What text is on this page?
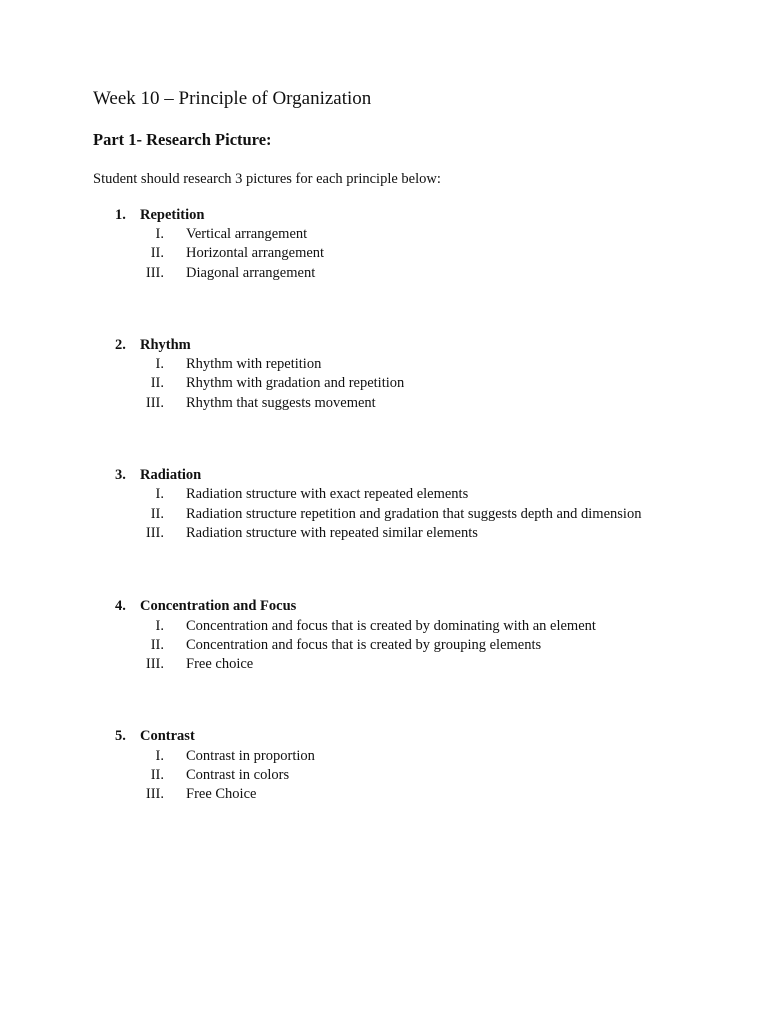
Week 10 – Principle of Organization
Part 1- Research Picture:
Student should research 3 pictures for each principle below:
1. Repetition
I. Vertical arrangement
II. Horizontal arrangement
III. Diagonal arrangement
2. Rhythm
I. Rhythm with repetition
II. Rhythm with gradation and repetition
III. Rhythm that suggests movement
3. Radiation
I. Radiation structure with exact repeated elements
II. Radiation structure repetition and gradation that suggests depth and dimension
III. Radiation structure with repeated similar elements
4. Concentration and Focus
I. Concentration and focus that is created by dominating with an element
II. Concentration and focus that is created by grouping elements
III. Free choice
5. Contrast
I. Contrast in proportion
II. Contrast in colors
III. Free Choice
